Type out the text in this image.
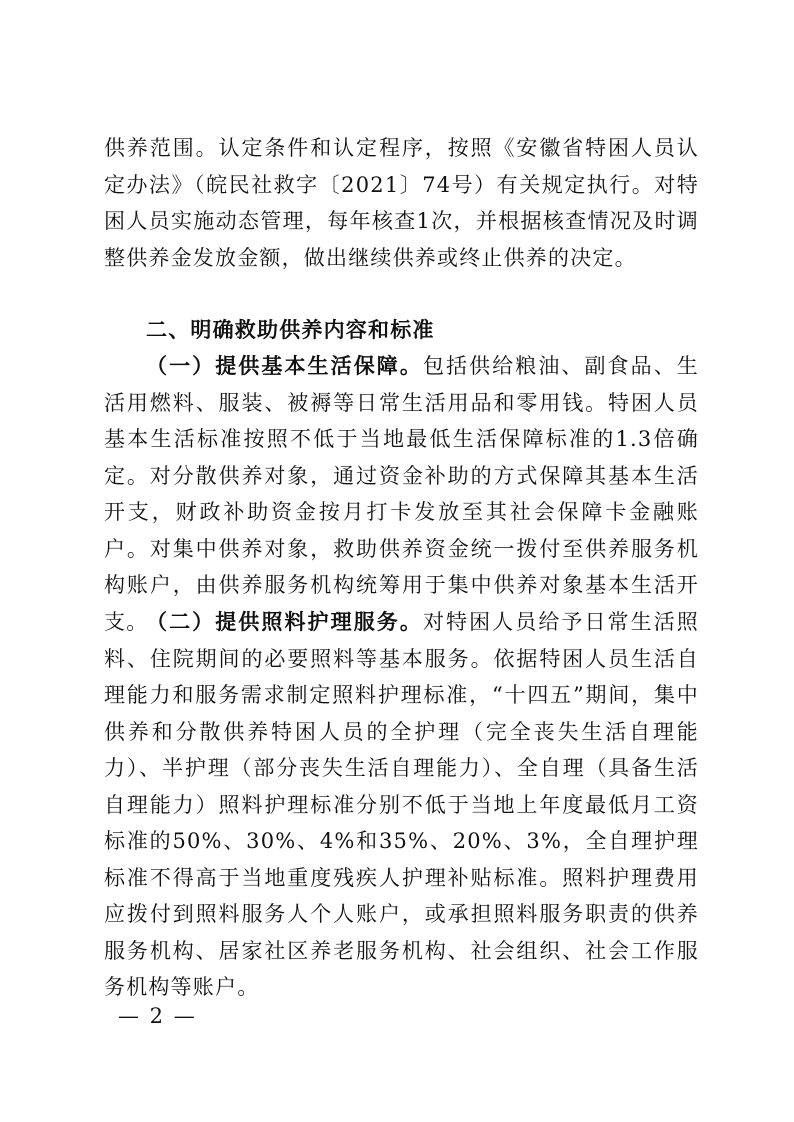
供养范围。认定条件和认定程序，按照《安徽省特困人员认定办法》（皖民社救字〔2021〕74号）有关规定执行。对特困人员实施动态管理，每年核查1次，并根据核查情况及时调整供养金发放金额，做出继续供养或终止供养的决定。

二、明确救助供养内容和标准

（一）提供基本生活保障。包括供给粮油、副食品、生活用燃料、服装、被褥等日常生活用品和零用钱。特困人员基本生活标准按照不低于当地最低生活保障标准的1.3倍确定。对分散供养对象，通过资金补助的方式保障其基本生活开支，财政补助资金按月打卡发放至其社会保障卡金融账户。对集中供养对象，救助供养资金统一拨付至供养服务机构账户，由供养服务机构统筹用于集中供养对象基本生活开支。

（二）提供照料护理服务。对特困人员给予日常生活照料、住院期间的必要照料等基本服务。依据特困人员生活自理能力和服务需求制定照料护理标准，“十四五”期间，集中供养和分散供养特困人员的全护理（完全丧失生活自理能力）、半护理（部分丧失生活自理能力）、全自理（具备生活自理能力）照料护理标准分别不低于当地上年度最低月工资标准的50%、30%、4%和35%、20%、3%，全自理护理标准不得高于当地重度残疾人护理补贴标准。照料护理费用应拨付到照料服务人个人账户，或承担照料服务职责的供养服务机构、居家社区养老服务机构、社会组织、社会工作服务机构等账户。

— 2 —
